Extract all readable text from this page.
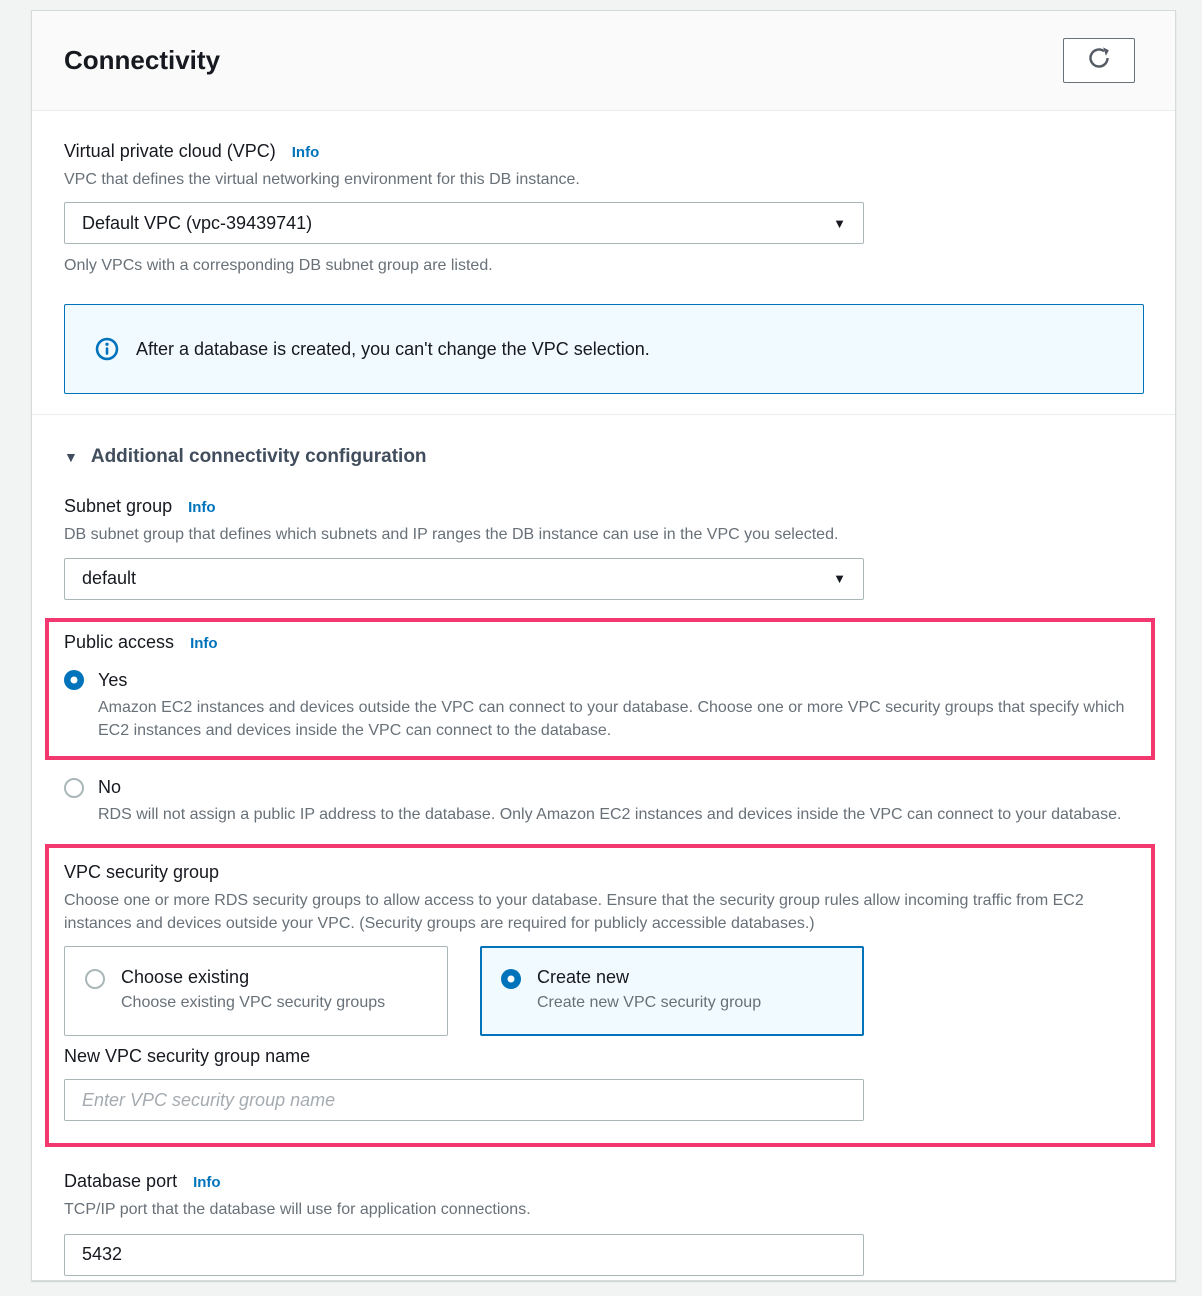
Connectivity
Virtual private cloud (VPC) Info
VPC that defines the virtual networking environment for this DB instance.
Default VPC (vpc-39439741)	▼
Only VPCs with a corresponding DB subnet group are listed.
After a database is created, you can't change the VPC selection.
▼ Additional connectivity configuration
Subnet group Info
DB subnet group that defines which subnets and IP ranges the DB instance can use in the VPC you selected.
default	▼
Public access Info
Yes
Amazon EC2 instances and devices outside the VPC can connect to your database. Choose one or more VPC security groups that specify which EC2 instances and devices inside the VPC can connect to the database.
No
RDS will not assign a public IP address to the database. Only Amazon EC2 instances and devices inside the VPC can connect to your database.
VPC security group
Choose one or more RDS security groups to allow access to your database. Ensure that the security group rules allow incoming traffic from EC2 instances and devices outside your VPC. (Security groups are required for publicly accessible databases.)
Choose existing
Choose existing VPC security groups
Create new
Create new VPC security group
New VPC security group name
Enter VPC security group name
Database port Info
TCP/IP port that the database will use for application connections.
5432
